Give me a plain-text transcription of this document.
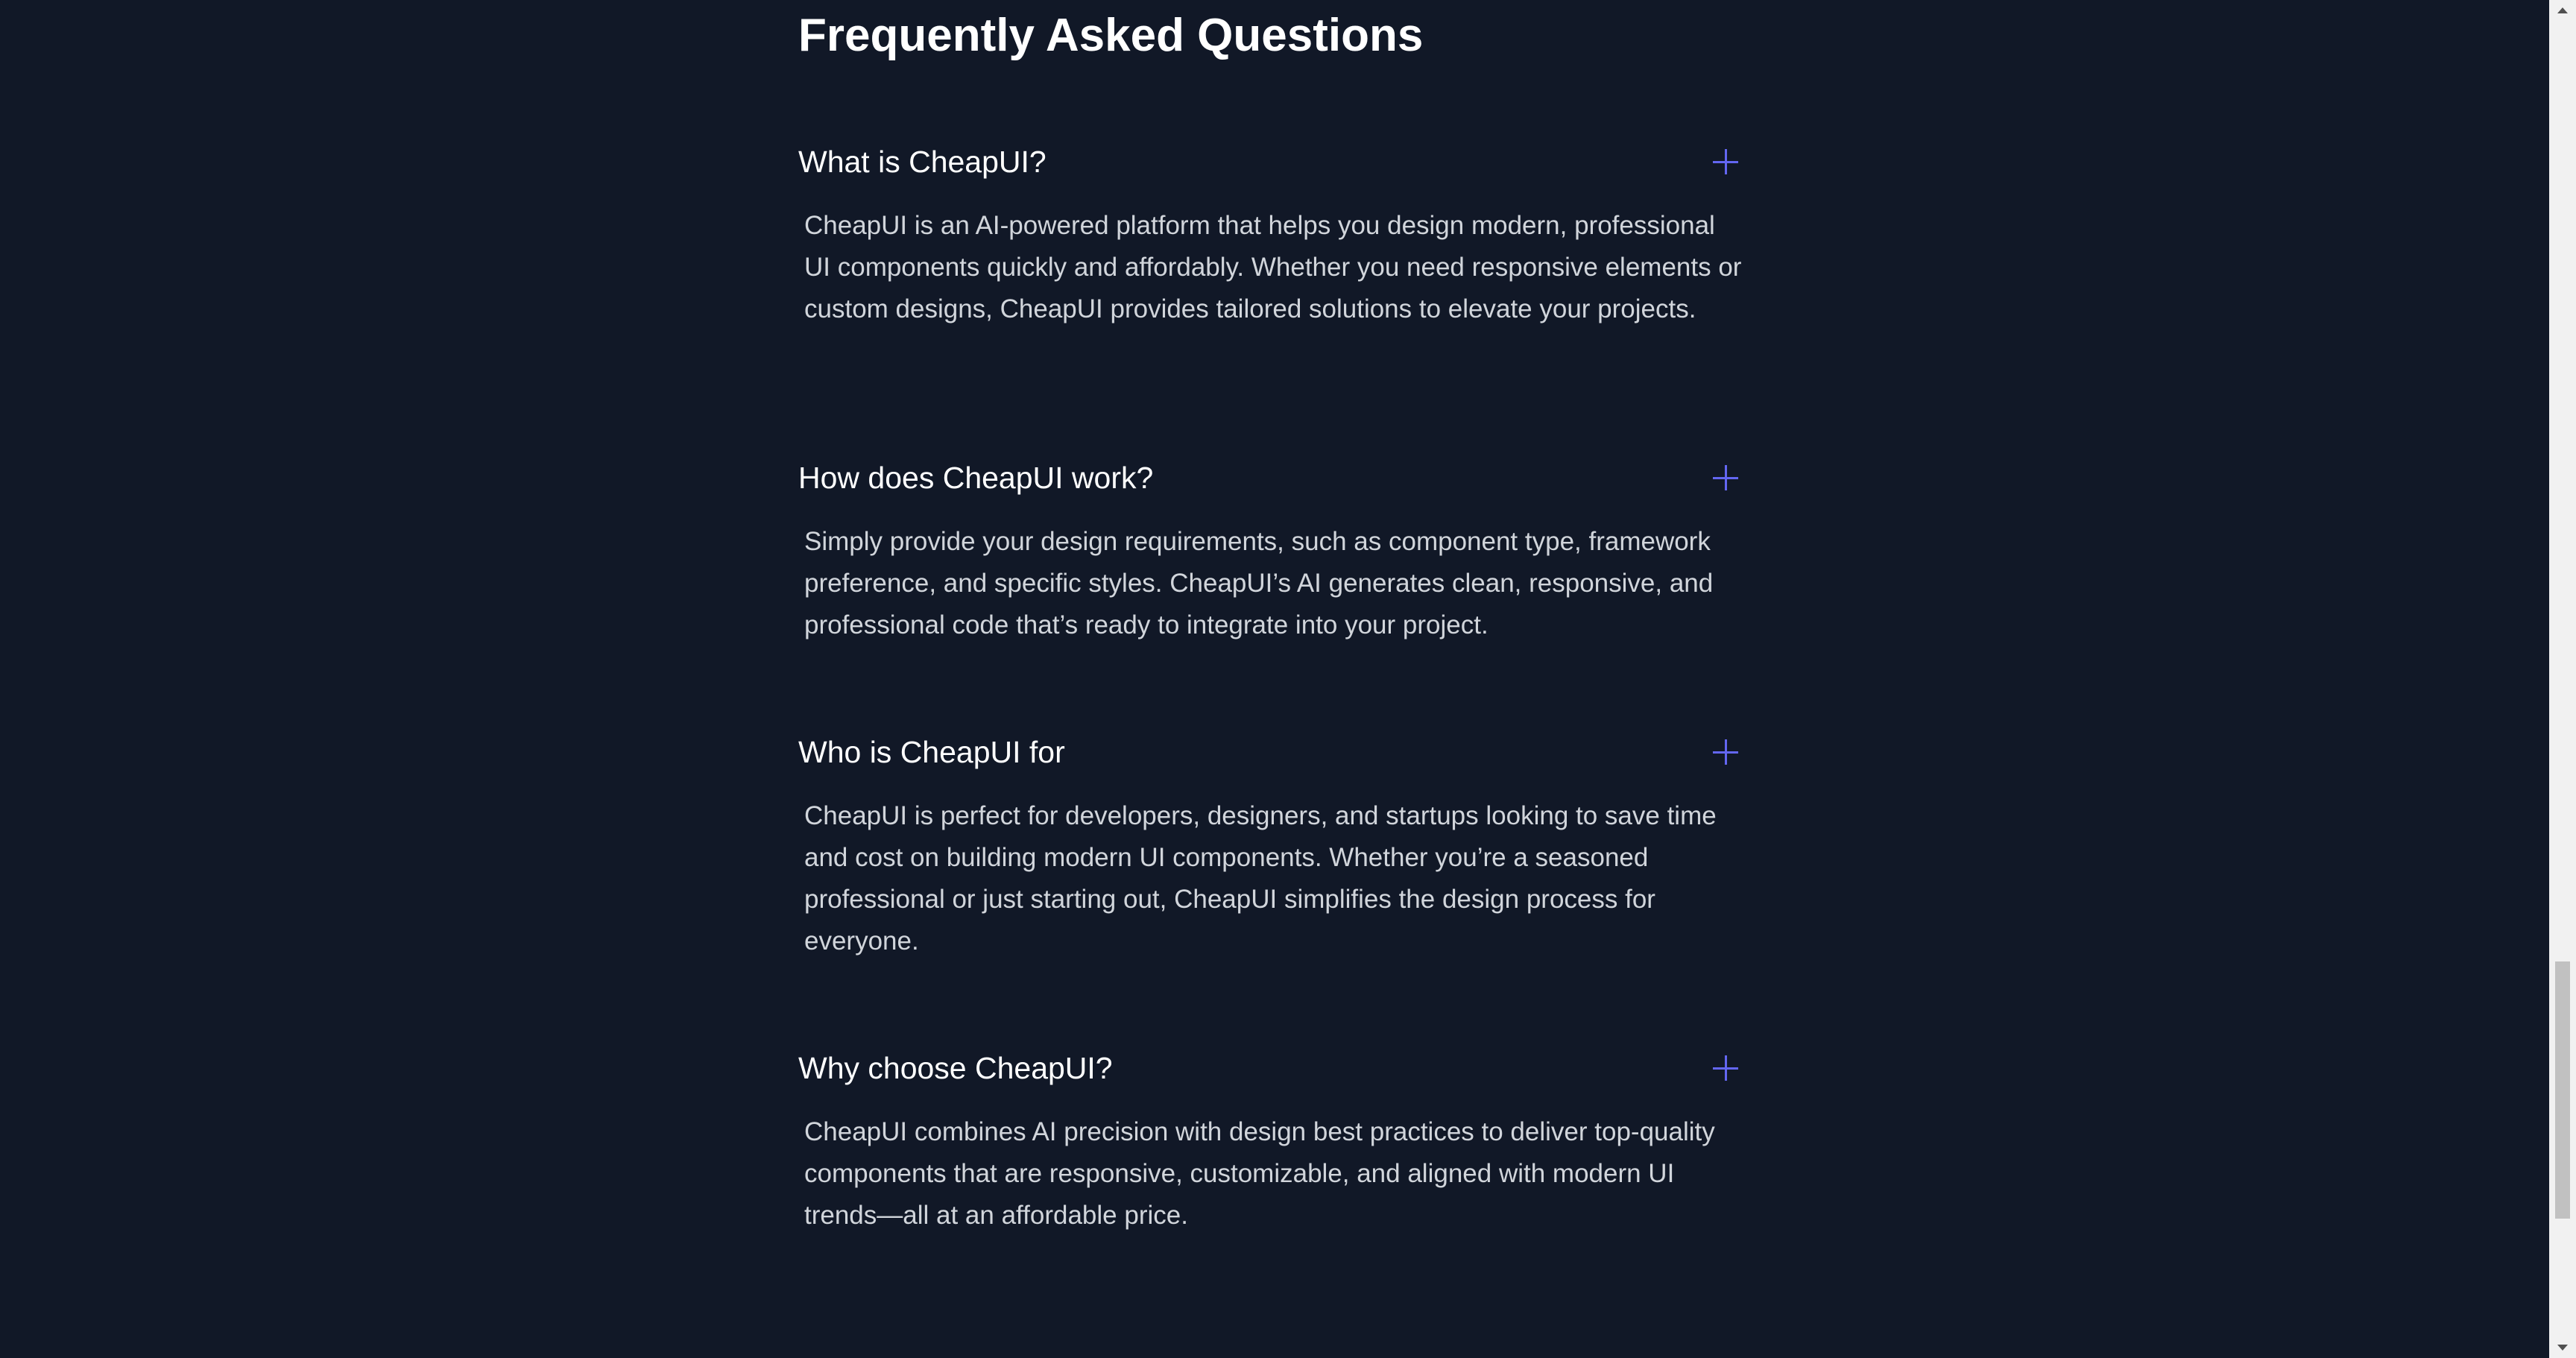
Frequently Asked Questions
What is CheapUI?

CheapUI is an AI-powered platform that helps you design modern, professional UI components quickly and affordably. Whether you need responsive elements or custom designs, CheapUI provides tailored solutions to elevate your projects.

How does CheapUI work?

Simply provide your design requirements, such as component type, framework preference, and specific styles. CheapUI’s AI generates clean, responsive, and professional code that’s ready to integrate into your project.

Who is CheapUI for

CheapUI is perfect for developers, designers, and startups looking to save time and cost on building modern UI components. Whether you’re a seasoned professional or just starting out, CheapUI simplifies the design process for everyone.

Why choose CheapUI?

CheapUI combines AI precision with design best practices to deliver top-quality components that are responsive, customizable, and aligned with modern UI trends—all at an affordable price.
